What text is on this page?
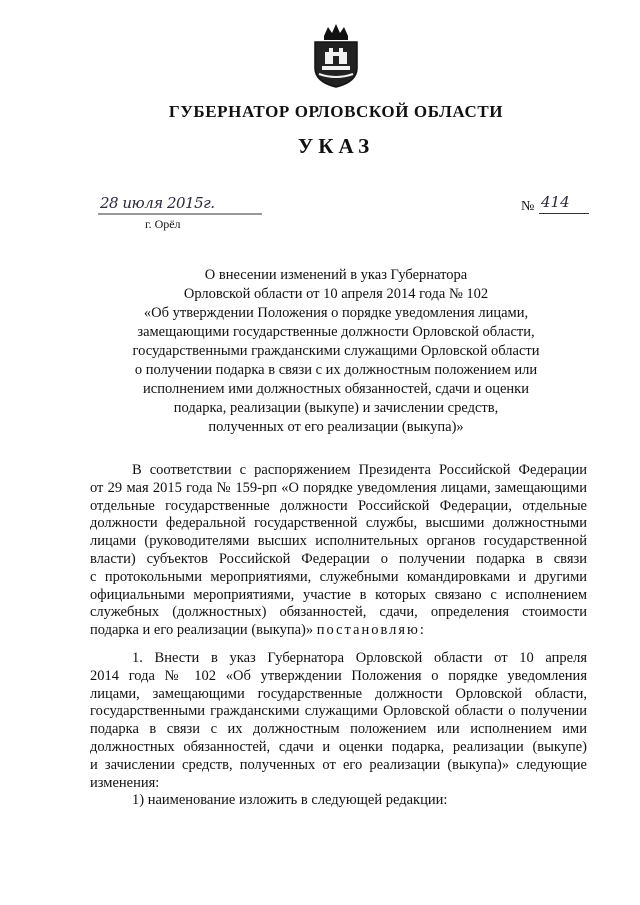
ГУБЕРНАТОР ОРЛОВСКОЙ ОБЛАСТИ
УКАЗ
28 июля 2015г.
г. Орёл
№ 414
О внесении изменений в указ Губернатора
Орловской области от 10 апреля 2014 года № 102
«Об утверждении Положения о порядке уведомления лицами,
замещающими государственные должности Орловской области,
государственными гражданскими служащими Орловской области
о получении подарка в связи с их должностным положением или
исполнением ими должностных обязанностей, сдачи и оценки
подарка, реализации (выкупе) и зачислении средств,
полученных от его реализации (выкупа)»
В соответствии с распоряжением Президента Российской Федерации
от 29 мая 2015 года № 159-рп «О порядке уведомления лицами, замещающими
отдельные государственные должности Российской Федерации, отдельные
должности федеральной государственной службы, высшими должностными
лицами (руководителями высших исполнительных органов государственной
власти) субъектов Российской Федерации о получении подарка в связи
с протокольными мероприятиями, служебными командировками и другими
официальными мероприятиями, участие в которых связано с исполнением
служебных (должностных) обязанностей, сдачи, определения стоимости
подарка и его реализации (выкупа)» постановляю:
1. Внести в указ Губернатора Орловской области от 10 апреля
2014 года № 102 «Об утверждении Положения о порядке уведомления
лицами, замещающими государственные должности Орловской области,
государственными гражданскими служащими Орловской области о получении
подарка в связи с их должностным положением или исполнением ими
должностных обязанностей, сдачи и оценки подарка, реализации (выкупе)
и зачислении средств, полученных от его реализации (выкупа)» следующие
изменения:
1) наименование изложить в следующей редакции:
